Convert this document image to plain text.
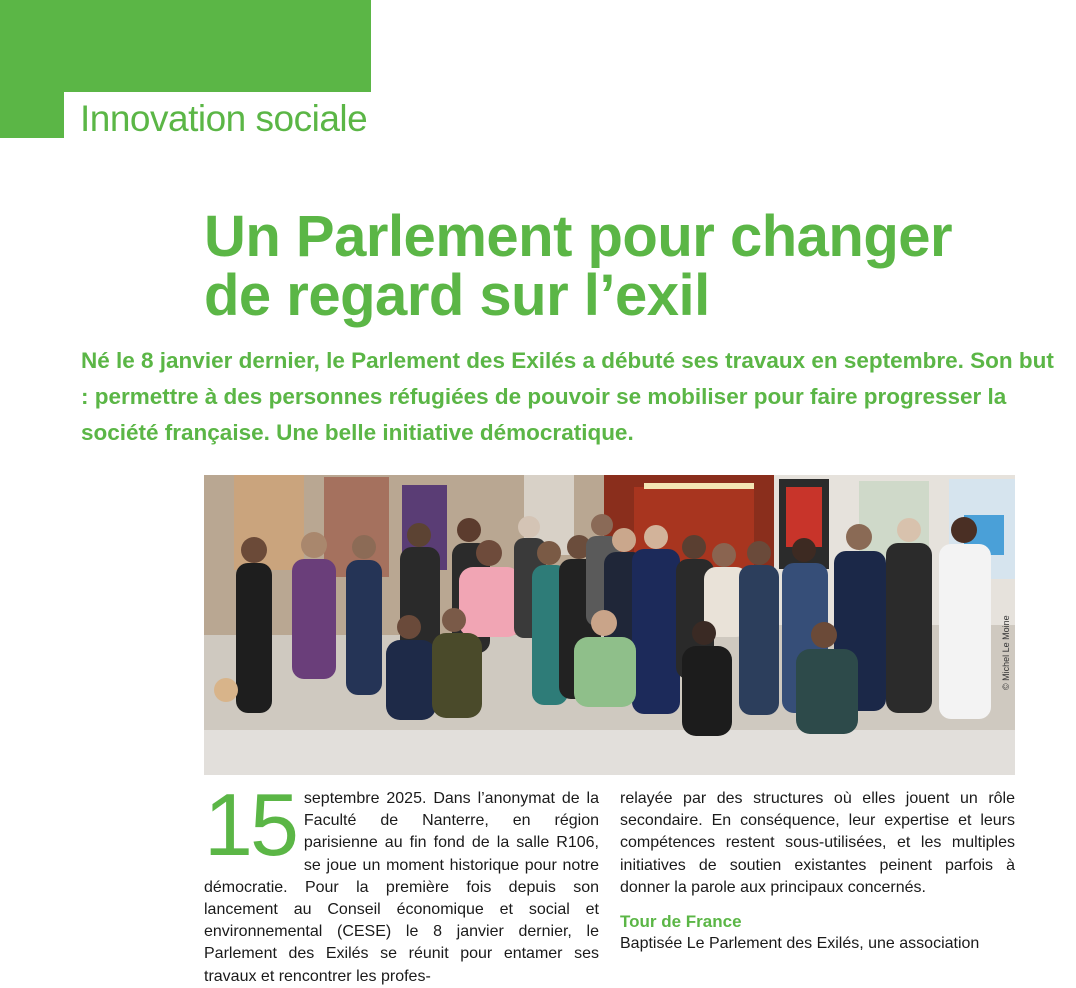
Innovation sociale
Un Parlement pour changer
de regard sur l’exil

Né le 8 janvier dernier, le Parlement des Exilés a débuté ses travaux en septembre. Son but : permettre à des personnes réfugiées de pouvoir se mobiliser pour faire progresser la société française. Une belle initiative démocratique.

© Michel Le Moine
15 septembre 2025. Dans l’anonymat de la Faculté de Nanterre, en région parisienne au fin fond de la salle R106, se joue un moment historique pour notre démocratie. Pour la première fois depuis son lancement au Conseil économique et social et environnemental (CESE) le 8 janvier dernier, le Parlement des Exilés se réunit pour entamer ses travaux et rencontrer les profes-

relayée par des structures où elles jouent un rôle secondaire. En conséquence, leur expertise et leurs compétences restent sous-utilisées, et les multiples initiatives de soutien existantes peinent parfois à donner la parole aux principaux concernés.

Tour de France

Baptisée Le Parlement des Exilés, une association
